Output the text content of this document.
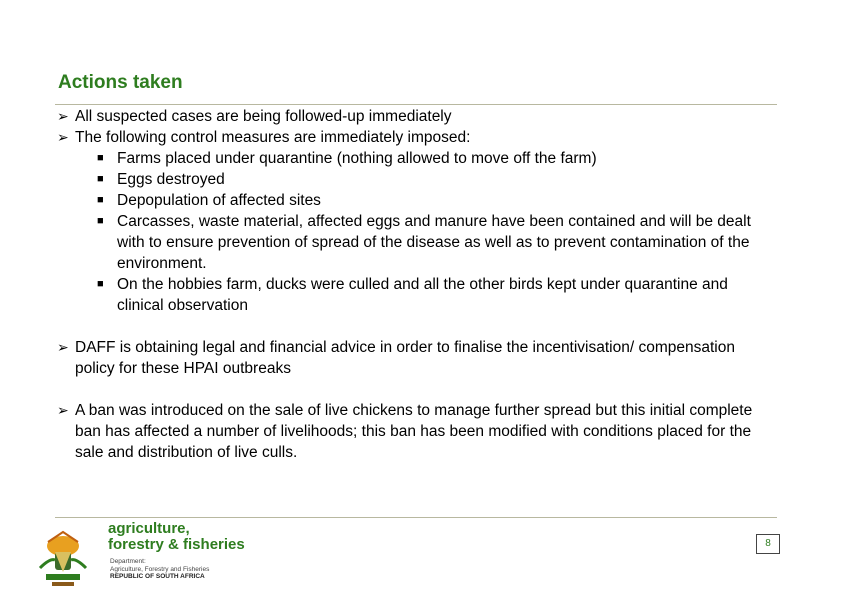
Actions taken
➢ All suspected cases are being followed-up immediately
➢ The following control measures are immediately imposed:
■ Farms placed under quarantine (nothing allowed to move off the farm)
■ Eggs destroyed
■ Depopulation of affected sites
■ Carcasses, waste material, affected eggs and manure have been contained and will be dealt with to ensure prevention of spread of the disease as well as to prevent contamination of the environment.
■ On the hobbies farm, ducks were culled and all the other birds kept under quarantine and clinical observation
➢ DAFF is obtaining legal and financial advice in order to finalise the incentivisation/ compensation policy for these HPAI outbreaks
➢ A ban was introduced on the sale of live chickens to manage further spread but this initial complete ban has affected a number of livelihoods; this ban has been modified with conditions placed for the sale and distribution of live culls.
agriculture,
forestry & fisheries
Department:
Agriculture, Forestry and Fisheries
REPUBLIC OF SOUTH AFRICA
8
